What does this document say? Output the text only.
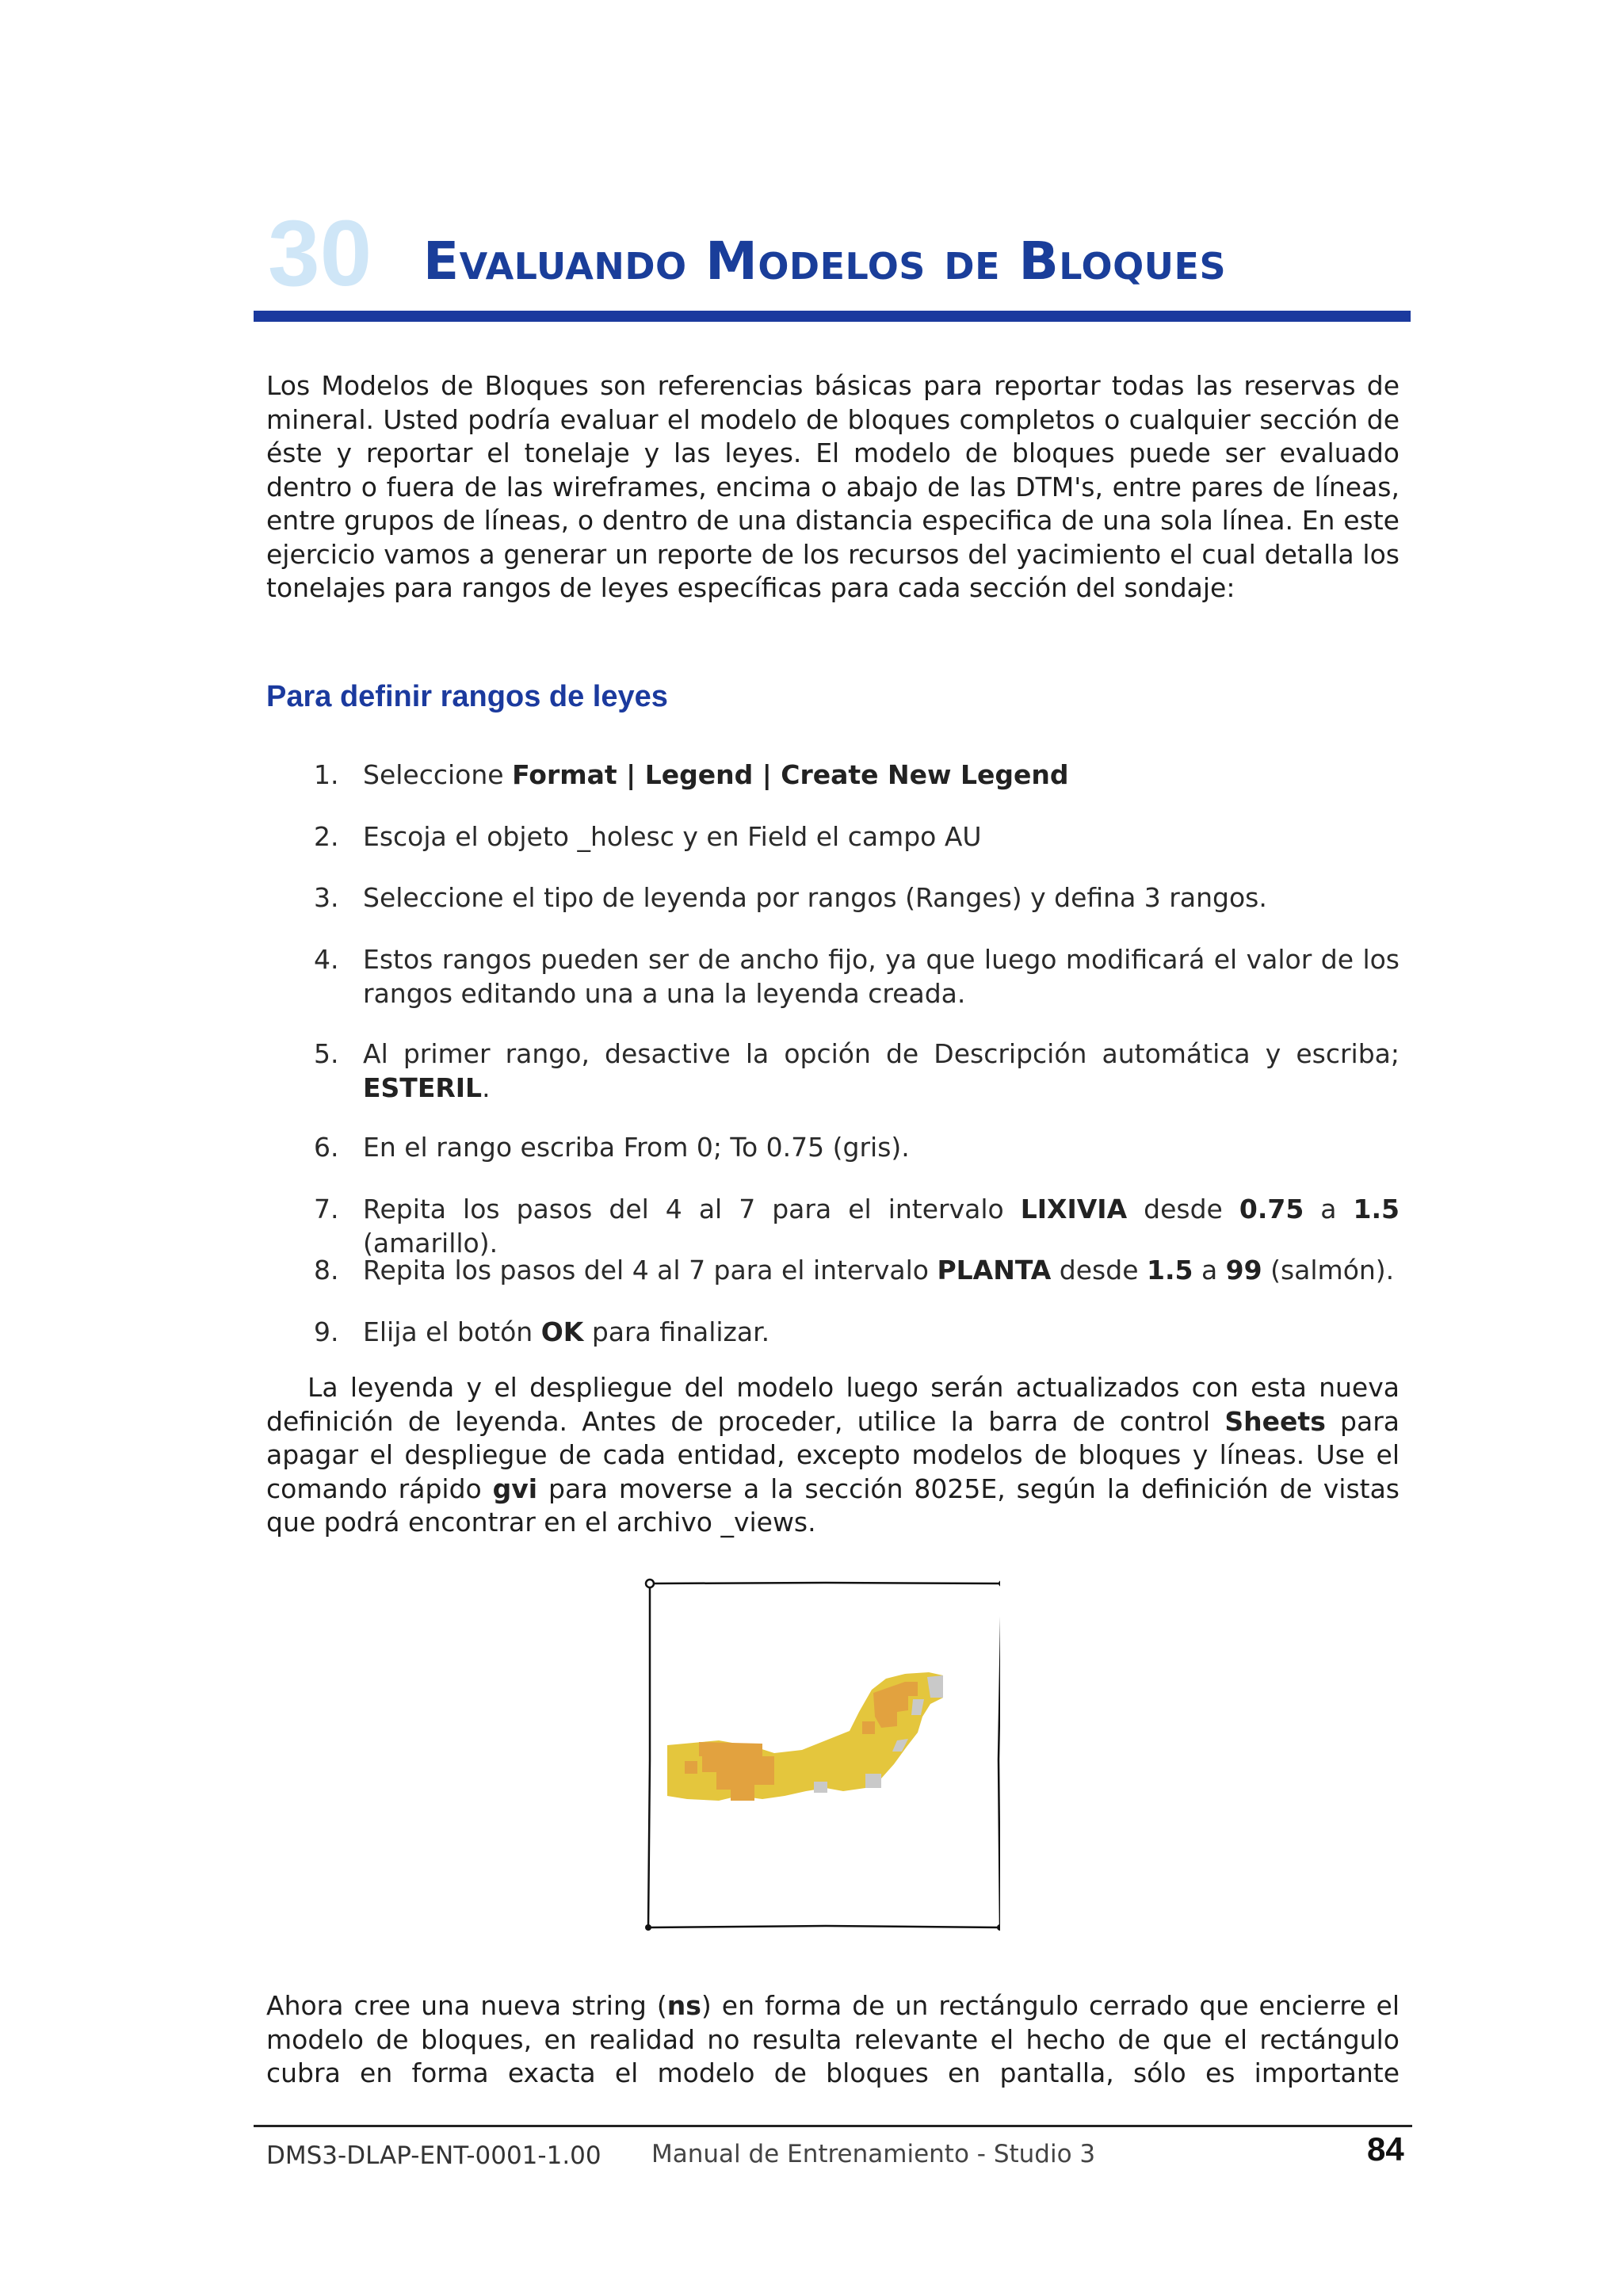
30 Evaluando Modelos de Bloques

Los Modelos de Bloques son referencias básicas para reportar todas las reservas de mineral. Usted podría evaluar el modelo de bloques completos o cualquier sección de éste y reportar el tonelaje y las leyes. El modelo de bloques puede ser evaluado dentro o fuera de las wireframes, encima o abajo de las DTM's, entre pares de líneas, entre grupos de líneas, o dentro de una distancia especifica de una sola línea. En este ejercicio vamos a generar un reporte de los recursos del yacimiento el cual detalla los tonelajes para rangos de leyes específicas para cada sección del sondaje:

Para definir rangos de leyes
1. Seleccione Format | Legend | Create New Legend
2. Escoja el objeto _holesc y en Field el campo AU
3. Seleccione el tipo de leyenda por rangos (Ranges) y defina 3 rangos.
4. Estos rangos pueden ser de ancho fijo, ya que luego modificará el valor de los rangos editando una a una la leyenda creada.
5. Al primer rango, desactive la opción de Descripción automática y escriba; ESTERIL.
6. En el rango escriba From 0; To 0.75 (gris).
7. Repita los pasos del 4 al 7 para el intervalo LIXIVIA desde 0.75 a 1.5 (amarillo).
8. Repita los pasos del 4 al 7 para el intervalo PLANTA desde 1.5 a 99 (salmón).
9. Elija el botón OK para finalizar.

La leyenda y el despliegue del modelo luego serán actualizados con esta nueva definición de leyenda. Antes de proceder, utilice la barra de control Sheets para apagar el despliegue de cada entidad, excepto modelos de bloques y líneas. Use el comando rápido gvi para moverse a la sección 8025E, según la definición de vistas que podrá encontrar en el archivo _views.

Ahora cree una nueva string (ns) en forma de un rectángulo cerrado que encierre el modelo de bloques, en realidad no resulta relevante el hecho de que el rectángulo cubra en forma exacta el modelo de bloques en pantalla, sólo es importante

DMS3-DLAP-ENT-0001-1.00 Manual de Entrenamiento - Studio 3	84
